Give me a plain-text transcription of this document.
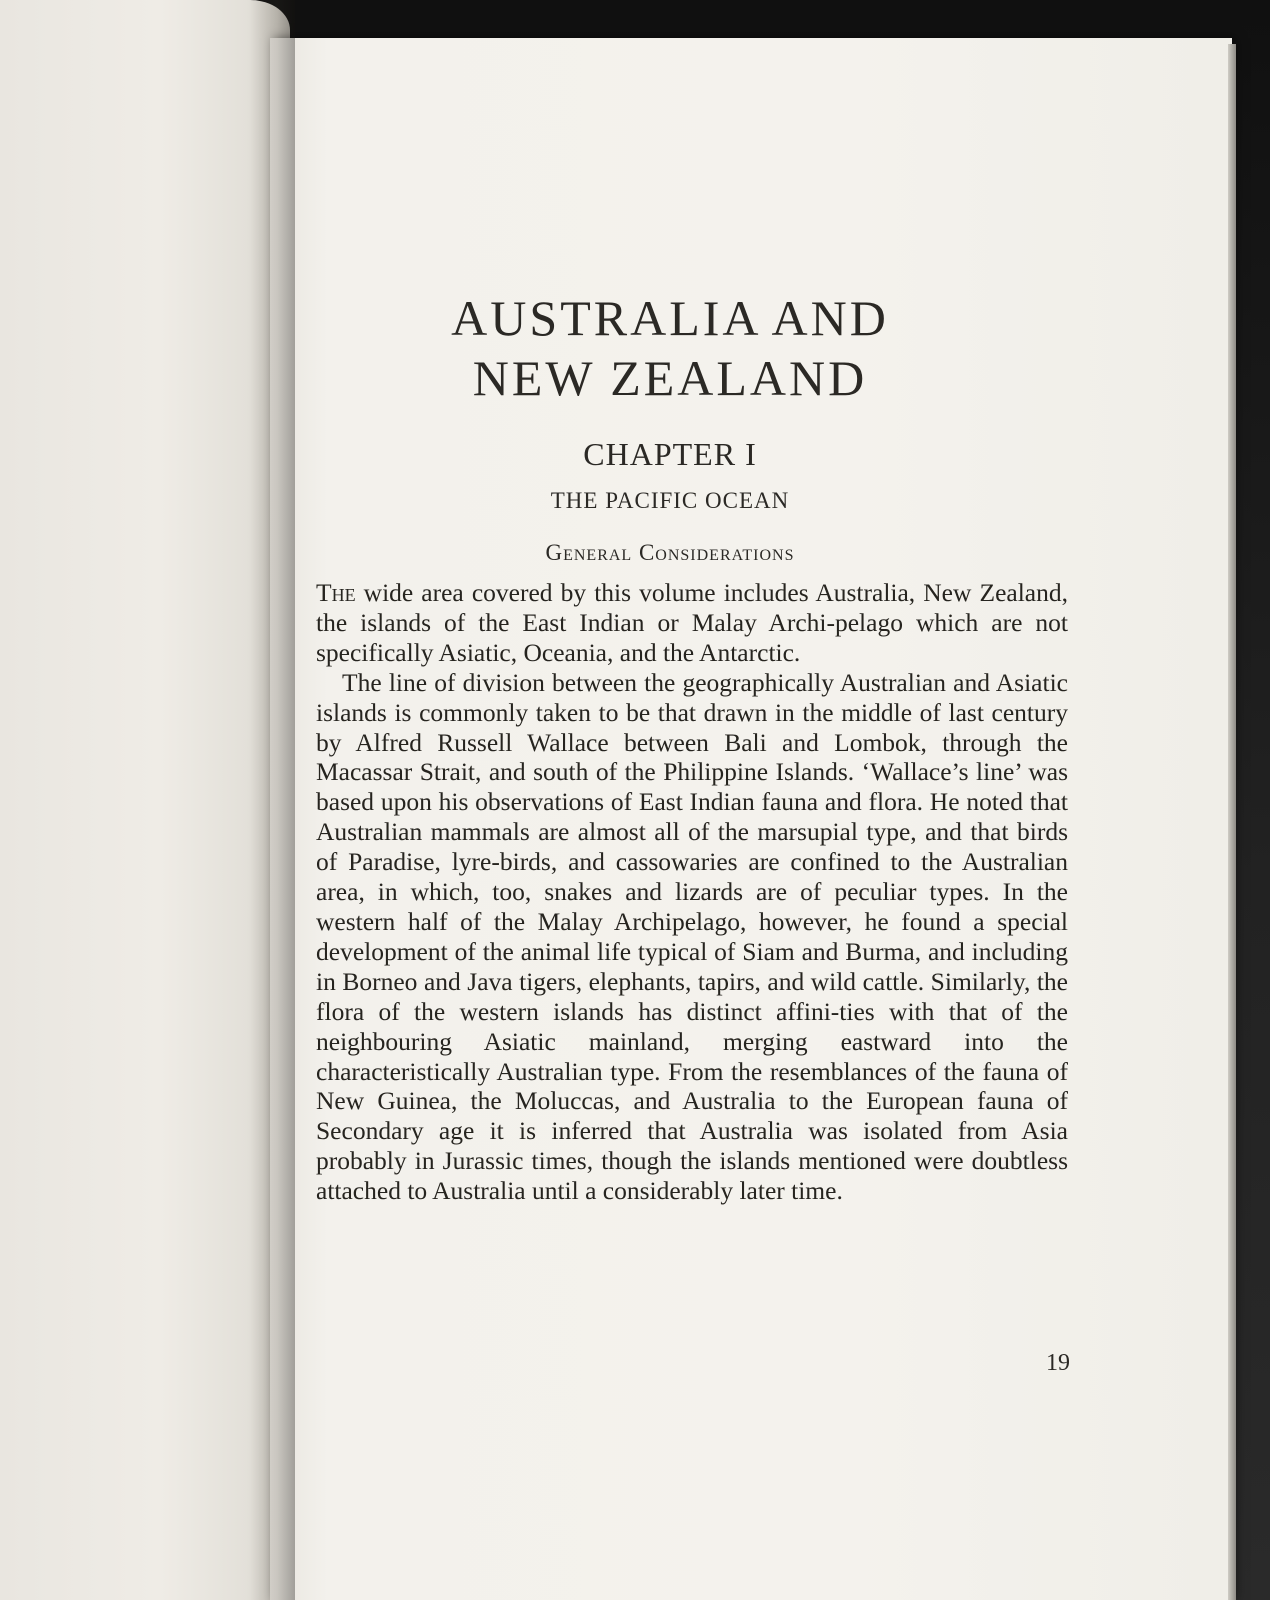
AUSTRALIA AND
NEW ZEALAND
CHAPTER I
THE PACIFIC OCEAN
General Considerations

The wide area covered by this volume includes Australia, New Zealand, the islands of the East Indian or Malay Archi-pelago which are not specifically Asiatic, Oceania, and the Antarctic.

The line of division between the geographically Australian and Asiatic islands is commonly taken to be that drawn in the middle of last century by Alfred Russell Wallace between Bali and Lombok, through the Macassar Strait, and south of the Philippine Islands. ‘Wallace’s line’ was based upon his observations of East Indian fauna and flora. He noted that Australian mammals are almost all of the marsupial type, and that birds of Paradise, lyre-birds, and cassowaries are confined to the Australian area, in which, too, snakes and lizards are of peculiar types. In the western half of the Malay Archipelago, however, he found a special development of the animal life typical of Siam and Burma, and including in Borneo and Java tigers, elephants, tapirs, and wild cattle. Similarly, the flora of the western islands has distinct affini-ties with that of the neighbouring Asiatic mainland, merging eastward into the characteristically Australian type. From the resemblances of the fauna of New Guinea, the Moluccas, and Australia to the European fauna of Secondary age it is inferred that Australia was isolated from Asia probably in Jurassic times, though the islands mentioned were doubtless attached to Australia until a considerably later time.

19
